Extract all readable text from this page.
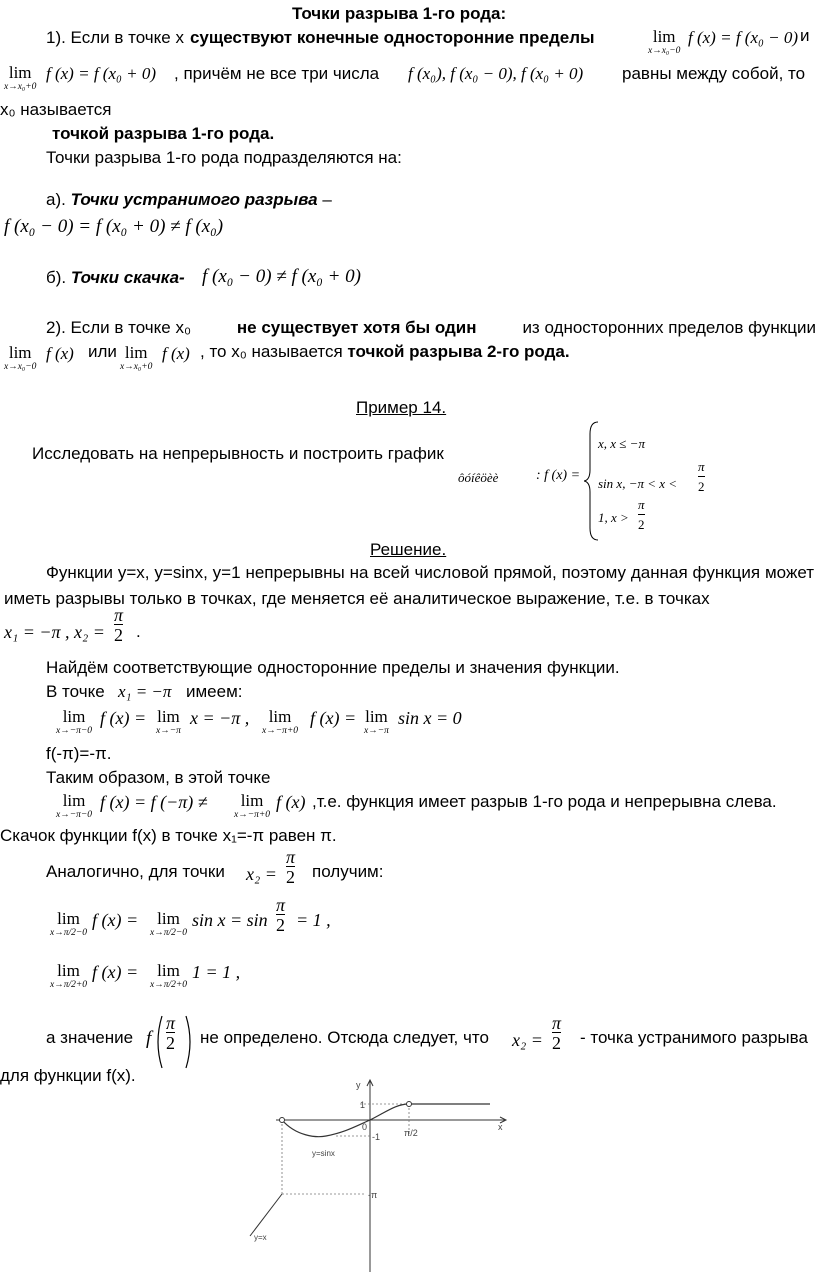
Точки разрыва 1-го рода:
1). Если в точке x существуют конечные односторонние пределы	lim
x→x₀−0
f (x) = f (x₀ − 0) и
lim
x→x₀+0
f (x) = f (x₀ + 0) , причём не все три числа f (x₀), f (x₀ − 0), f (x₀ + 0) равны между собой, то
x₀ называется
точкой разрыва 1-го рода.
Точки разрыва 1-го рода подразделяются на:
а). Точки устранимого разрыва –
f (x₀ − 0) = f (x₀ + 0) ≠ f (x₀)
б). Точки скачка- f (x₀ − 0) ≠ f (x₀ + 0)
2). Если в точке x₀	не существует хотя бы один	из односторонних пределов функции
lim
x→x₀−0
f (x) или lim
x→x₀+0
f (x) , то x₀ называется точкой разрыва 2-го рода.
Пример 14.
Исследовать на непрерывность и построить график
ôóíêöèè	: f (x) =
x, x ≤ −π
sin x, $-\pi < x < \frac{\pi}{2}$
1, $x > \frac{\pi}{2}$
Решение.
Функции y=x, y=sinx, y=1 непрерывны на всей числовой прямой, поэтому данная функция может иметь разрывы только в точках, где меняется её аналитическое выражение, т.е. в точках
x₁ = −π , $x_2 = \frac{\pi}{2}$ .
Найдём соответствующие односторонние пределы и значения функции.
В точке x₁ = −π имеем:
lim
x→−π−0
f (x) = lim
x→−π
x = −π ,	lim
x→−π+0
f (x) = lim
x→−π
sin x = 0
f(-π)=-π.
Таким образом, в этой точке
lim
x→−π−0
f (x) = f (−π) ≠	lim
x→−π+0
f (x) ,т.е. функция имеет разрыв 1-го рода и непрерывна слева.
Скачок функции f(x) в точке x₁=-π равен π.
Аналогично, для точки $x_2 = \frac{\pi}{2}$ получим:
lim
x→π/2−0
f (x) =	lim
x→π/2−0
$\sin x = \sin \frac{\pi}{2} = 1$ ,
lim
x→π/2+0
f (x) =	lim
x→π/2+0
1 = 1 ,
а значение f $\frac{\pi}{2}$ не определено. Отсюда следует, что $x_2 = \frac{\pi}{2}$ - точка устранимого разрыва
для функции f(x).	y
x
1
0
-1	π/2
-π
y=sinx
y=x
